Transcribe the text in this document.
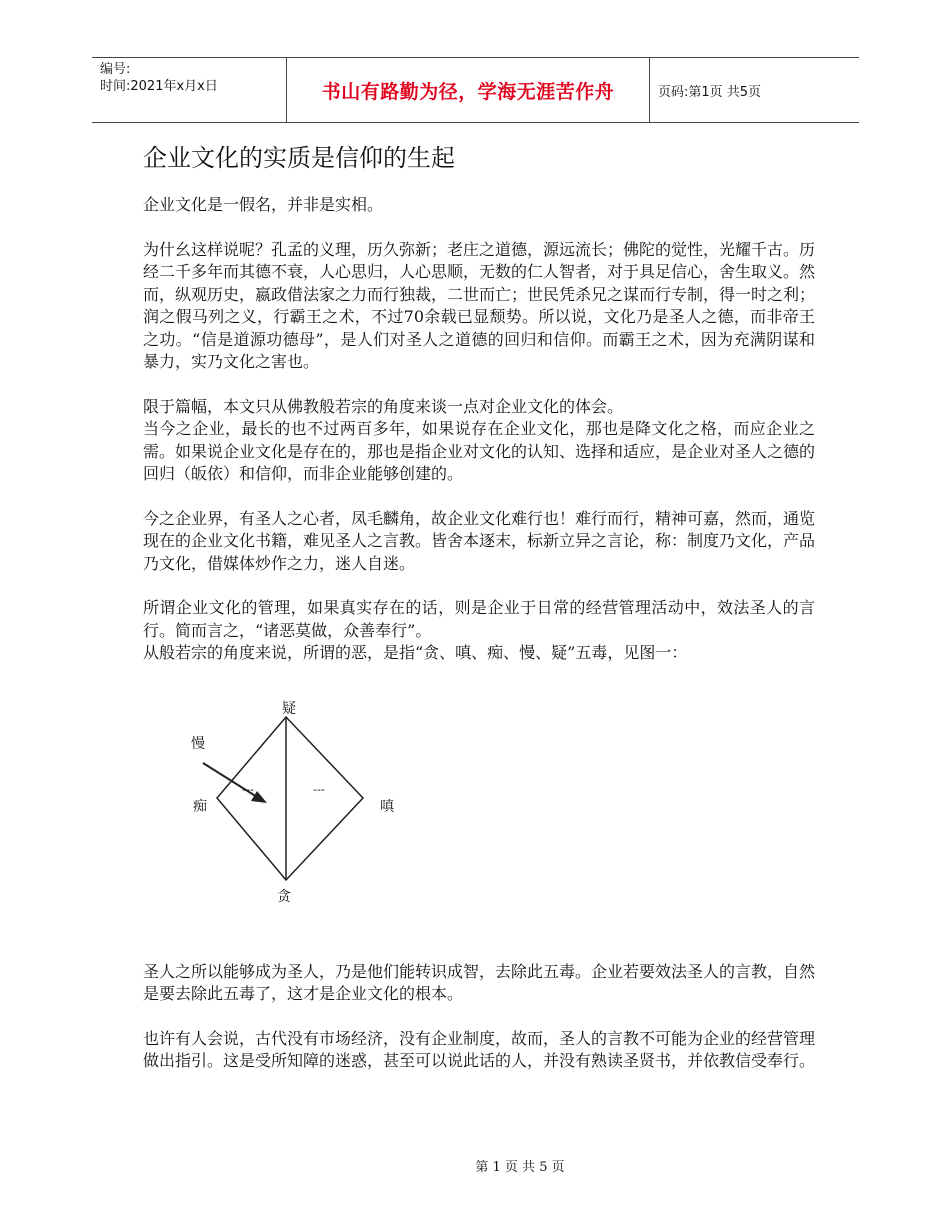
编号:
时间:2021年x月x日	书山有路勤为径，学海无涯苦作舟	页码:第1页 共5页
企业文化的实质是信仰的生起

企业文化是一假名，并非是实相。

为什幺这样说呢？孔孟的义理，历久弥新；老庄之道德，源远流长；佛陀的觉性，光耀千古。历经二千多年而其德不衰，人心思归，人心思顺，无数的仁人智者，对于具足信心，舍生取义。然而，纵观历史，嬴政借法家之力而行独裁，二世而亡；世民凭杀兄之谋而行专制，得一时之利；润之假马列之义，行霸王之术，不过70余载已显颓势。所以说，文化乃是圣人之德，而非帝王之功。“信是道源功德母”，是人们对圣人之道德的回归和信仰。而霸王之术，因为充满阴谋和暴力，实乃文化之害也。

限于篇幅，本文只从佛教般若宗的角度来谈一点对企业文化的体会。

当今之企业，最长的也不过两百多年，如果说存在企业文化，那也是降文化之格，而应企业之需。如果说企业文化是存在的，那也是指企业对文化的认知、选择和适应，是企业对圣人之德的回归（皈依）和信仰，而非企业能够创建的。

今之企业界，有圣人之心者，凤毛麟角，故企业文化难行也！难行而行，精神可嘉，然而，通览现在的企业文化书籍，难见圣人之言教。皆舍本逐末，标新立异之言论，称：制度乃文化，产品乃文化，借媒体炒作之力，迷人自迷。

所谓企业文化的管理，如果真实存在的话，则是企业于日常的经营管理活动中，效法圣人的言行。简而言之，“诸恶莫做，众善奉行”。

从般若宗的角度来说，所谓的恶，是指“贪、嗔、痴、慢、疑”五毒，见图一：

疑
慢
痴	嗔
贪
---	---

圣人之所以能够成为圣人，乃是他们能转识成智，去除此五毒。企业若要效法圣人的言教，自然是要去除此五毒了，这才是企业文化的根本。

也许有人会说，古代没有市场经济，没有企业制度，故而，圣人的言教不可能为企业的经营管理做出指引。这是受所知障的迷惑，甚至可以说此话的人，并没有熟读圣贤书，并依教信受奉行。

第 1 页 共 5 页
